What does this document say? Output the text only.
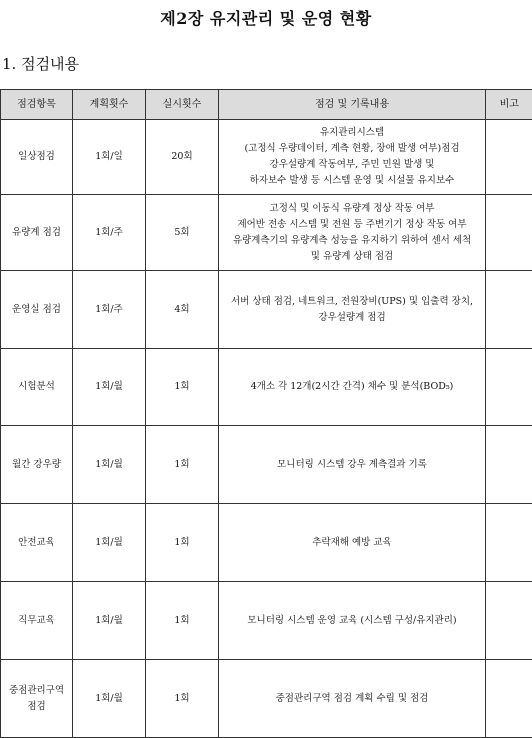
제2장 유지관리 및 운영 현황
1. 점검내용
점검항목	계획횟수	실시횟수	점검 및 기록내용	비고

일상점검	1회/일	20회	유지관리시스템
(고정식 우량데이터, 계측 현황, 장애 발생 여부)점검
강우설량계 작동여부, 주민 민원 발생 및
하자보수 발생 등 시스템 운영 및 시설물 유지보수	

유량계 점검	1회/주	5회	고정식 및 이동식 유량계 정상 작동 여부
제어반 전송 시스템 및 전원 등 주변기기 정상 작동 여부
유량계측기의 유량계측 성능을 유지하기 위하여 센서 세척
및 유량계 상태 점검	

운영실 점검	1회/주	4회	서버 상태 점검, 네트워크, 전원장비(UPS) 및 입출력 장치,
강우설량계 점검	

시험분석	1회/월	1회	4개소 각 12개(2시간 간격) 채수 및 분석(BOD₅)	

월간 강우량	1회/월	1회	모니터링 시스템 강우 계측결과 기록	

안전교육	1회/월	1회	추락재해 예방 교육	

직무교육	1회/월	1회	모니터링 시스템 운영 교육 (시스템 구성/유지관리)	

중점관리구역
점검	1회/월	1회	중점관리구역 점검 계획 수립 및 점검	
